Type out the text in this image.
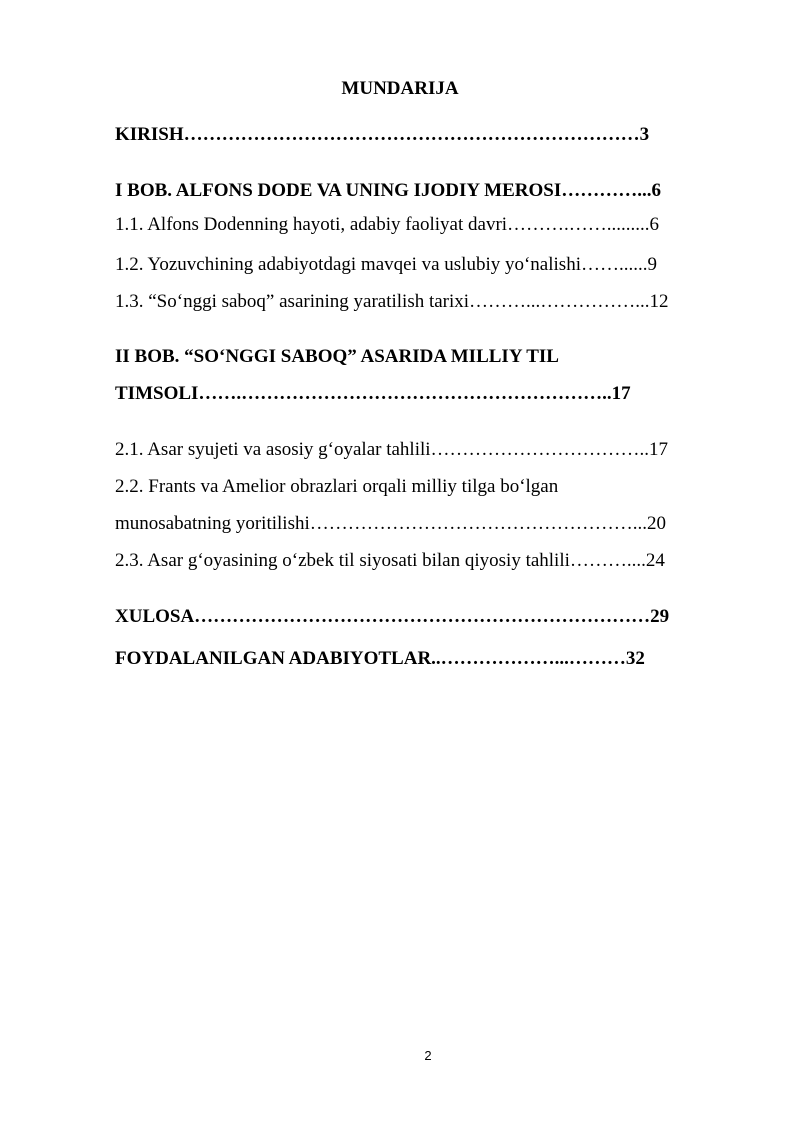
MUNDARIJA
KIRISH………………………………………………………………3
I BOB. ALFONS DODE VA UNING IJODIY MEROSI…………...6
1.1. Alfons Dodenning hayoti, adabiy faoliyat davri……….…….........6
1.2. Yozuvchining adabiyotdagi mavqei va uslubiy yo‘nalishi……......9
1.3. “So‘nggi saboq” asarining yaratilish tarixi………...……………...12
II BOB. “SO‘NGGI SABOQ” ASARIDA MILLIY TIL
TIMSOLI…….…………………………………………………..17
2.1. Asar syujeti va asosiy g‘oyalar tahlili……………………………..17
2.2. Frants va Amelior obrazlari orqali milliy tilga bo‘lgan
munosabatning yoritilishi……………………………………………...20
2.3. Asar g‘oyasining o‘zbek til siyosati bilan qiyosiy tahlili………....24
XULOSA………………………………………………………………29
FOYDALANILGAN ADABIYOTLAR..………………...………32
2
